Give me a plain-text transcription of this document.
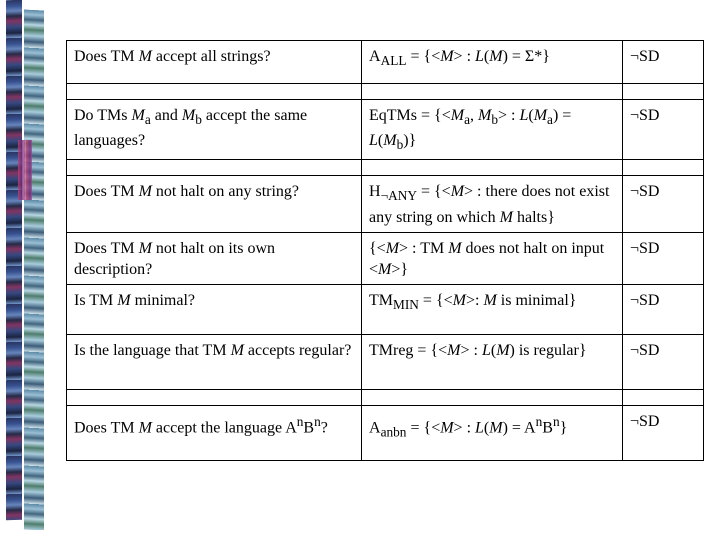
Does TM M accept all strings?	$A_{ALL} = \{<M>$ : L(M) = Σ*}	¬SD

Do TMs $M_a$ and $M_b$ accept the same languages?	EqTMs = {$<M_a$, $M_b>$ : $L(M_a) = L(M_b)$}	¬SD

Does TM M not halt on any string?	$H_{\neg ANY} = \{<M>$ : there does not exist any string on which M halts}	¬SD
Does TM M not halt on its own description?	{<M> : TM M does not halt on input <M>}	¬SD
Is TM M minimal?	$TM_{MIN} = \{<M>$: M is minimal}	¬SD
Is the language that TM M accepts regular?	TMreg = {<M> : L(M) is regular}	¬SD

Does TM M accept the language $A^nB^n$?	$A_{anbn} = \{<M>$ : $L(M) = A^nB^n$}	¬SD
